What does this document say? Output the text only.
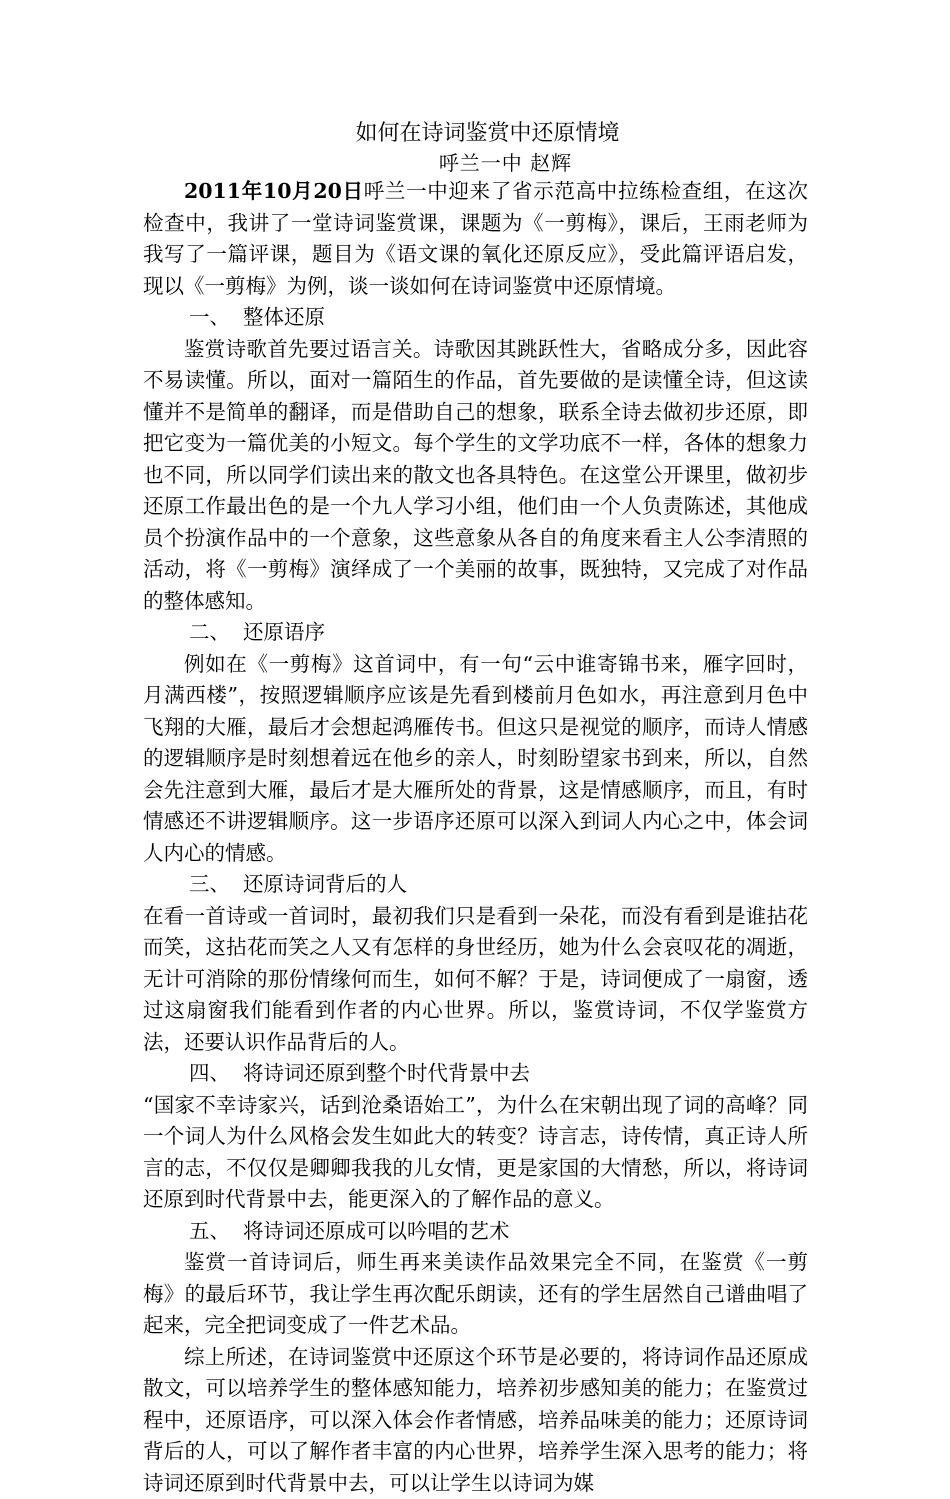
如何在诗词鉴赏中还原情境

呼兰一中 赵辉

2011年10月20日呼兰一中迎来了省示范高中拉练检查组，在这次检查中，我讲了一堂诗词鉴赏课，课题为《一剪梅》，课后，王雨老师为我写了一篇评课，题目为《语文课的氧化还原反应》，受此篇评语启发，现以《一剪梅》为例，谈一谈如何在诗词鉴赏中还原情境。

一、  整体还原

鉴赏诗歌首先要过语言关。诗歌因其跳跃性大，省略成分多，因此容不易读懂。所以，面对一篇陌生的作品，首先要做的是读懂全诗，但这读懂并不是简单的翻译，而是借助自己的想象，联系全诗去做初步还原，即把它变为一篇优美的小短文。每个学生的文学功底不一样，各体的想象力也不同，所以同学们读出来的散文也各具特色。在这堂公开课里，做初步还原工作最出色的是一个九人学习小组，他们由一个人负责陈述，其他成员个扮演作品中的一个意象，这些意象从各自的角度来看主人公李清照的活动，将《一剪梅》演绎成了一个美丽的故事，既独特，又完成了对作品的整体感知。

二、  还原语序

例如在《一剪梅》这首词中，有一句“云中谁寄锦书来，雁字回时，月满西楼”，按照逻辑顺序应该是先看到楼前月色如水，再注意到月色中飞翔的大雁，最后才会想起鸿雁传书。但这只是视觉的顺序，而诗人情感的逻辑顺序是时刻想着远在他乡的亲人，时刻盼望家书到来，所以，自然会先注意到大雁，最后才是大雁所处的背景，这是情感顺序，而且，有时情感还不讲逻辑顺序。这一步语序还原可以深入到词人内心之中，体会词人内心的情感。

三、  还原诗词背后的人

在看一首诗或一首词时，最初我们只是看到一朵花，而没有看到是谁拈花而笑，这拈花而笑之人又有怎样的身世经历，她为什么会哀叹花的凋逝，无计可消除的那份情缘何而生，如何不解？于是，诗词便成了一扇窗，透过这扇窗我们能看到作者的内心世界。所以，鉴赏诗词，不仅学鉴赏方法，还要认识作品背后的人。

四、  将诗词还原到整个时代背景中去

“国家不幸诗家兴，话到沧桑语始工”，为什么在宋朝出现了词的高峰？同一个词人为什么风格会发生如此大的转变？诗言志，诗传情，真正诗人所言的志，不仅仅是卿卿我我的儿女情，更是家国的大情愁，所以，将诗词还原到时代背景中去，能更深入的了解作品的意义。

五、  将诗词还原成可以吟唱的艺术

鉴赏一首诗词后，师生再来美读作品效果完全不同，在鉴赏《一剪梅》的最后环节，我让学生再次配乐朗读，还有的学生居然自己谱曲唱了起来，完全把词变成了一件艺术品。

综上所述，在诗词鉴赏中还原这个环节是必要的，将诗词作品还原成散文，可以培养学生的整体感知能力，培养初步感知美的能力；在鉴赏过程中，还原语序，可以深入体会作者情感，培养品味美的能力；还原诗词背后的人，可以了解作者丰富的内心世界，培养学生深入思考的能力；将诗词还原到时代背景中去，可以让学生以诗词为媒
